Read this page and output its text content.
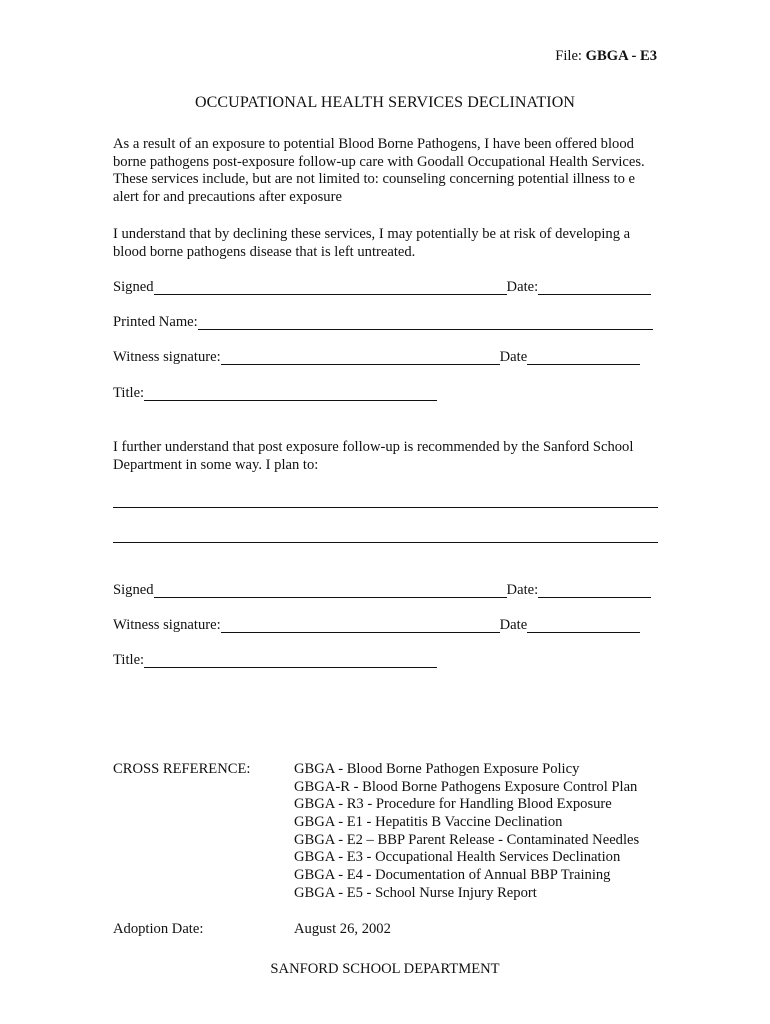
File: GBGA - E3
OCCUPATIONAL HEALTH SERVICES DECLINATION

As a result of an exposure to potential Blood Borne Pathogens, I have been offered blood borne pathogens post-exposure follow-up care with Goodall Occupational Health Services. These services include, but are not limited to: counseling concerning potential illness to e alert for and precautions after exposure

I understand that by declining these services, I may potentially be at risk of developing a blood borne pathogens disease that is left untreated.

Signed	Date:
Printed Name:
Witness signature:	Date
Title:

I further understand that post exposure follow-up is recommended by the Sanford School Department in some way. I plan to:

Signed	Date:
Witness signature:	Date
Title:
CROSS REFERENCE:	GBGA - Blood Borne Pathogen Exposure Policy
GBGA-R - Blood Borne Pathogens Exposure Control Plan
GBGA - R3 - Procedure for Handling Blood Exposure
GBGA - E1 - Hepatitis B Vaccine Declination
GBGA - E2 – BBP Parent Release - Contaminated Needles
GBGA - E3 - Occupational Health Services Declination
GBGA - E4 - Documentation of Annual BBP Training
GBGA - E5 - School Nurse Injury Report
Adoption Date:	August 26, 2002
SANFORD SCHOOL DEPARTMENT
